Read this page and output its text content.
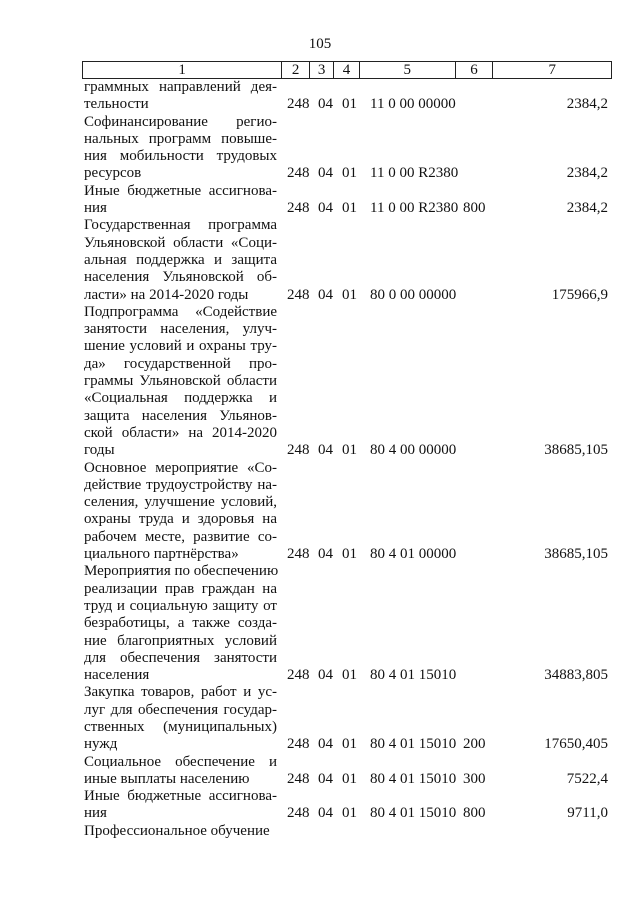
105
1	2	3	4	5	6	7
граммных направлений дея-
тельности	248 04 01 11 0 00 00000	2384,2
Софинансирование регио-
нальных программ повыше-
ния мобильности трудовых
ресурсов	248 04 01 11 0 00 R2380	2384,2
Иные бюджетные ассигнова-
ния	248 04 01 11 0 00 R2380 800	2384,2
Государственная программа
Ульяновской области «Соци-
альная поддержка и защита
населения Ульяновской об-
ласти» на 2014-2020 годы	248 04 01 80 0 00 00000	175966,9
Подпрограмма «Содействие
занятости населения, улуч-
шение условий и охраны тру-
да» государственной про-
граммы Ульяновской области
«Социальная поддержка и
защита населения Ульянов-
ской области» на 2014-2020
годы	248 04 01 80 4 00 00000	38685,105
Основное мероприятие «Со-
действие трудоустройству на-
селения, улучшение условий,
охраны труда и здоровья на
рабочем месте, развитие со-
циального партнёрства»	248 04 01 80 4 01 00000	38685,105
Мероприятия по обеспечению
реализации прав граждан на
труд и социальную защиту от
безработицы, а также созда-
ние благоприятных условий
для обеспечения занятости
населения	248 04 01 80 4 01 15010	34883,805
Закупка товаров, работ и ус-
луг для обеспечения государ-
ственных (муниципальных)
нужд	248 04 01 80 4 01 15010 200	17650,405
Социальное обеспечение и
иные выплаты населению	248 04 01 80 4 01 15010 300	7522,4
Иные бюджетные ассигнова-
ния	248 04 01 80 4 01 15010 800	9711,0
Профессиональное обучение
